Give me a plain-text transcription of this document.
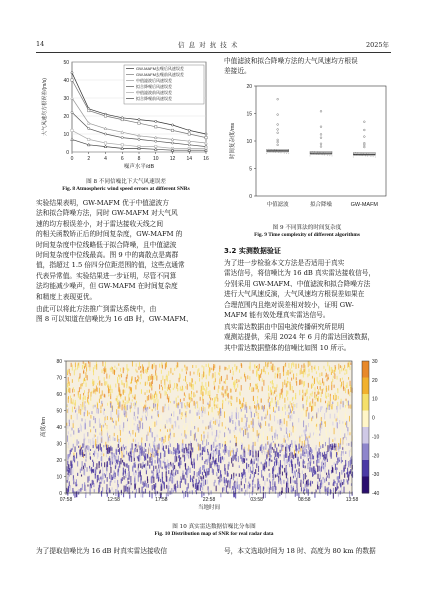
14	信 息 对 抗 技 术	2025年
0
10
20
30
40
50
0	2	4	6	8	10 12 14 16
噪声水平/dB
大气风速均方根误差/(m/s)
GW-MAFM去噪后风速误差
GW-MAFM去噪前风速误差
中值滤波后风速误差
拟合降噪后风速误差
中值滤波前风速误差
拟合降噪前风速误差
图 8 不同信噪比下大气风速误差
Fig. 8 Atmospheric wind speed errors at different SNRs
实验结果表明，GW-MAFM 优于中值滤波方
法和拟合降噪方法，同时 GW-MAFM 对大气风
速的均方根误差小，对于雷达接收天线之间
的相关函数矫正后的时间复杂度，GW-MAFM 的
时间复杂度中位线略低于拟合降噪，且中值滤波
时间复杂度中位线最高。图 9 中的离散点是离群
值，指超过 1.5 倍四分位距范围的值，这些点通常
代表异常值。实验结果进一步证明，尽管不同算
法均能减少噪声，但 GW-MAFM 在时间复杂度
和精度上表现更优。
由此可以将此方法推广到雷达系统中，由
图 8 可以知道在信噪比为 16 dB 时，GW-MAFM、
中值滤波和拟合降噪方法的大气风速均方根误
差接近。
0
5
10
15
20
时间复杂度/ms
中值滤波	拟合降噪	GW-MAFM
图 9 不同算法的时间复杂度
Fig. 9 Time complexity of different algorithms
3.2 实测数据验证
为了进一步检验本文方法是否适用于真实
雷达信号，将信噪比为 16 dB 真实雷达接收信号，
分别采用 GW-MAFM、中值滤波和拟合降噪方法
进行大气风速反演，大气风速均方根误差如果在
合理范围内且绝对误差相对较小，证明 GW-
MAFM 能有效处理真实雷达信号。
真实雷达数据由中国电波传播研究所昆明
观测站提供，采用 2024 年 6 月的雷达回波数据，
其中雷达数据整体的信噪比如图 10 所示。
0
10
20
30
40
50
60
70
80
高度/km
07:58	12:58	17:58	22:58	03:58	08:58	13:58
当地时间
30
20
10
0
-10
-20
-30
-40
图 10 真实雷达数据信噪比分布图
Fig. 10 Distribution map of SNR for real radar data
为了提取信噪比为 16 dB 时真实雷达接收信	号，本文选取时间为 18 时、高度为 80 km 的数据
